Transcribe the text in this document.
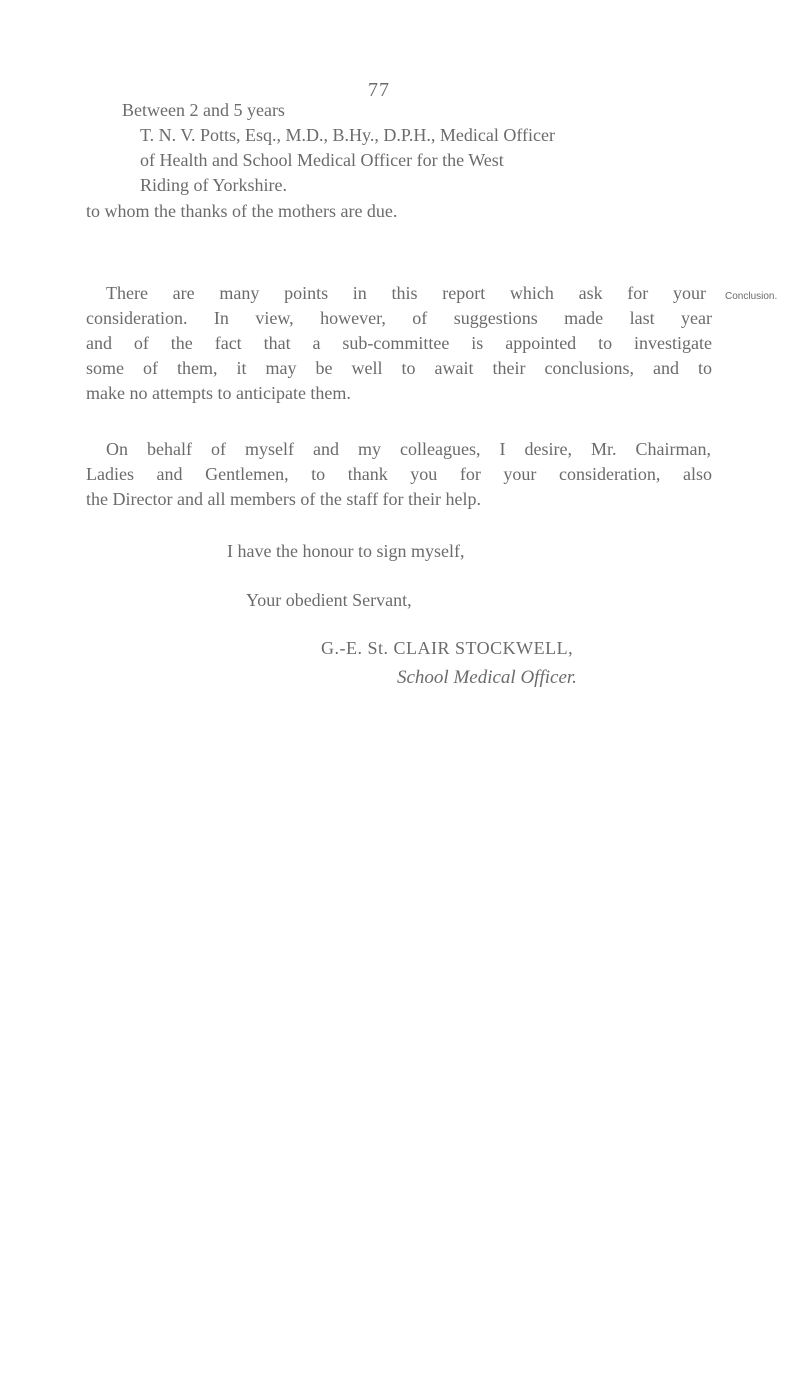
77
Between 2 and 5 years
T. N. V. Potts, Esq., M.D., B.Hy., D.P.H., Medical Officer
of Health and School Medical Officer for the West
Riding of Yorkshire.
to whom the thanks of the mothers are due.
Conclusion.
There are many points in this report which ask for your
consideration. In view, however, of suggestions made last year
and of the fact that a sub-committee is appointed to investigate
some of them, it may be well to await their conclusions, and to
make no attempts to anticipate them.
On behalf of myself and my colleagues, I desire, Mr. Chairman,
Ladies and Gentlemen, to thank you for your consideration, also
the Director and all members of the staff for their help.
I have the honour to sign myself,
Your obedient Servant,
G.-E. St. CLAIR STOCKWELL,
School Medical Officer.
